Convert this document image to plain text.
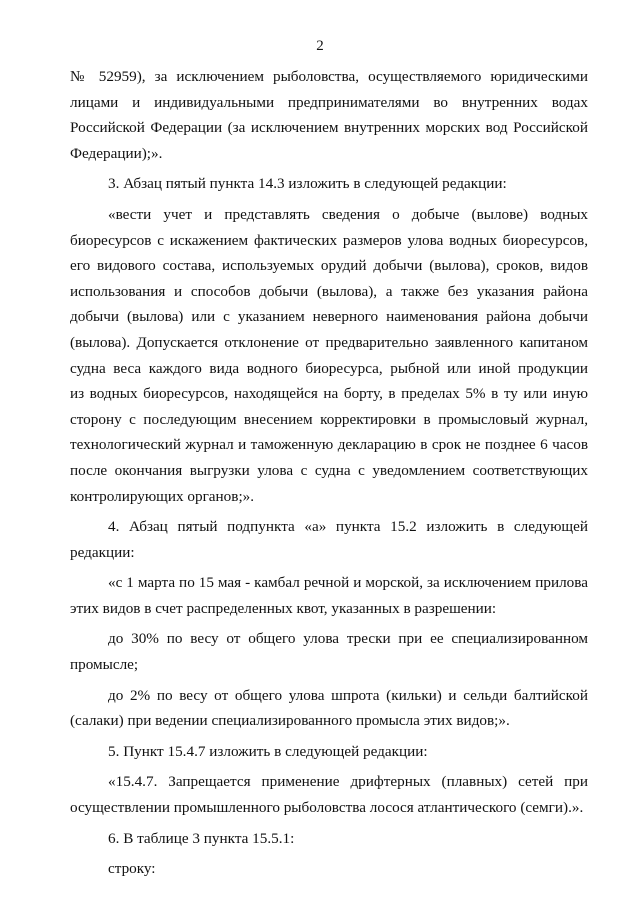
2
№ 52959), за исключением рыболовства, осуществляемого юридическими
лицами и индивидуальными предпринимателями во внутренних водах
Российской Федерации (за исключением внутренних морских вод Российской
Федерации);».
3. Абзац пятый пункта 14.3 изложить в следующей редакции:
«вести учет и представлять сведения о добыче (вылове) водных
биоресурсов с искажением фактических размеров улова водных биоресурсов,
его видового состава, используемых орудий добычи (вылова), сроков, видов
использования и способов добычи (вылова), а также без указания района
добычи (вылова) или с указанием неверного наименования района добычи
(вылова). Допускается отклонение от предварительно заявленного капитаном
судна веса каждого вида водного биоресурса, рыбной или иной продукции
из водных биоресурсов, находящейся на борту, в пределах 5% в ту или иную
сторону с последующим внесением корректировки в промысловый журнал,
технологический журнал и таможенную декларацию в срок не позднее 6 часов
после окончания выгрузки улова с судна с уведомлением соответствующих
контролирующих органов;».
4. Абзац пятый подпункта «а» пункта 15.2 изложить в следующей
редакции:
«с 1 марта по 15 мая - камбал речной и морской, за исключением прилова
этих видов в счет распределенных квот, указанных в разрешении:
до 30% по весу от общего улова трески при ее специализированном
промысле;
до 2% по весу от общего улова шпрота (кильки) и сельди балтийской
(салаки) при ведении специализированного промысла этих видов;».
5. Пункт 15.4.7 изложить в следующей редакции:
«15.4.7. Запрещается применение дрифтерных (плавных) сетей при
осуществлении промышленного рыболовства лосося атлантического (семги).».
6. В таблице 3 пункта 15.5.1:
строку:
